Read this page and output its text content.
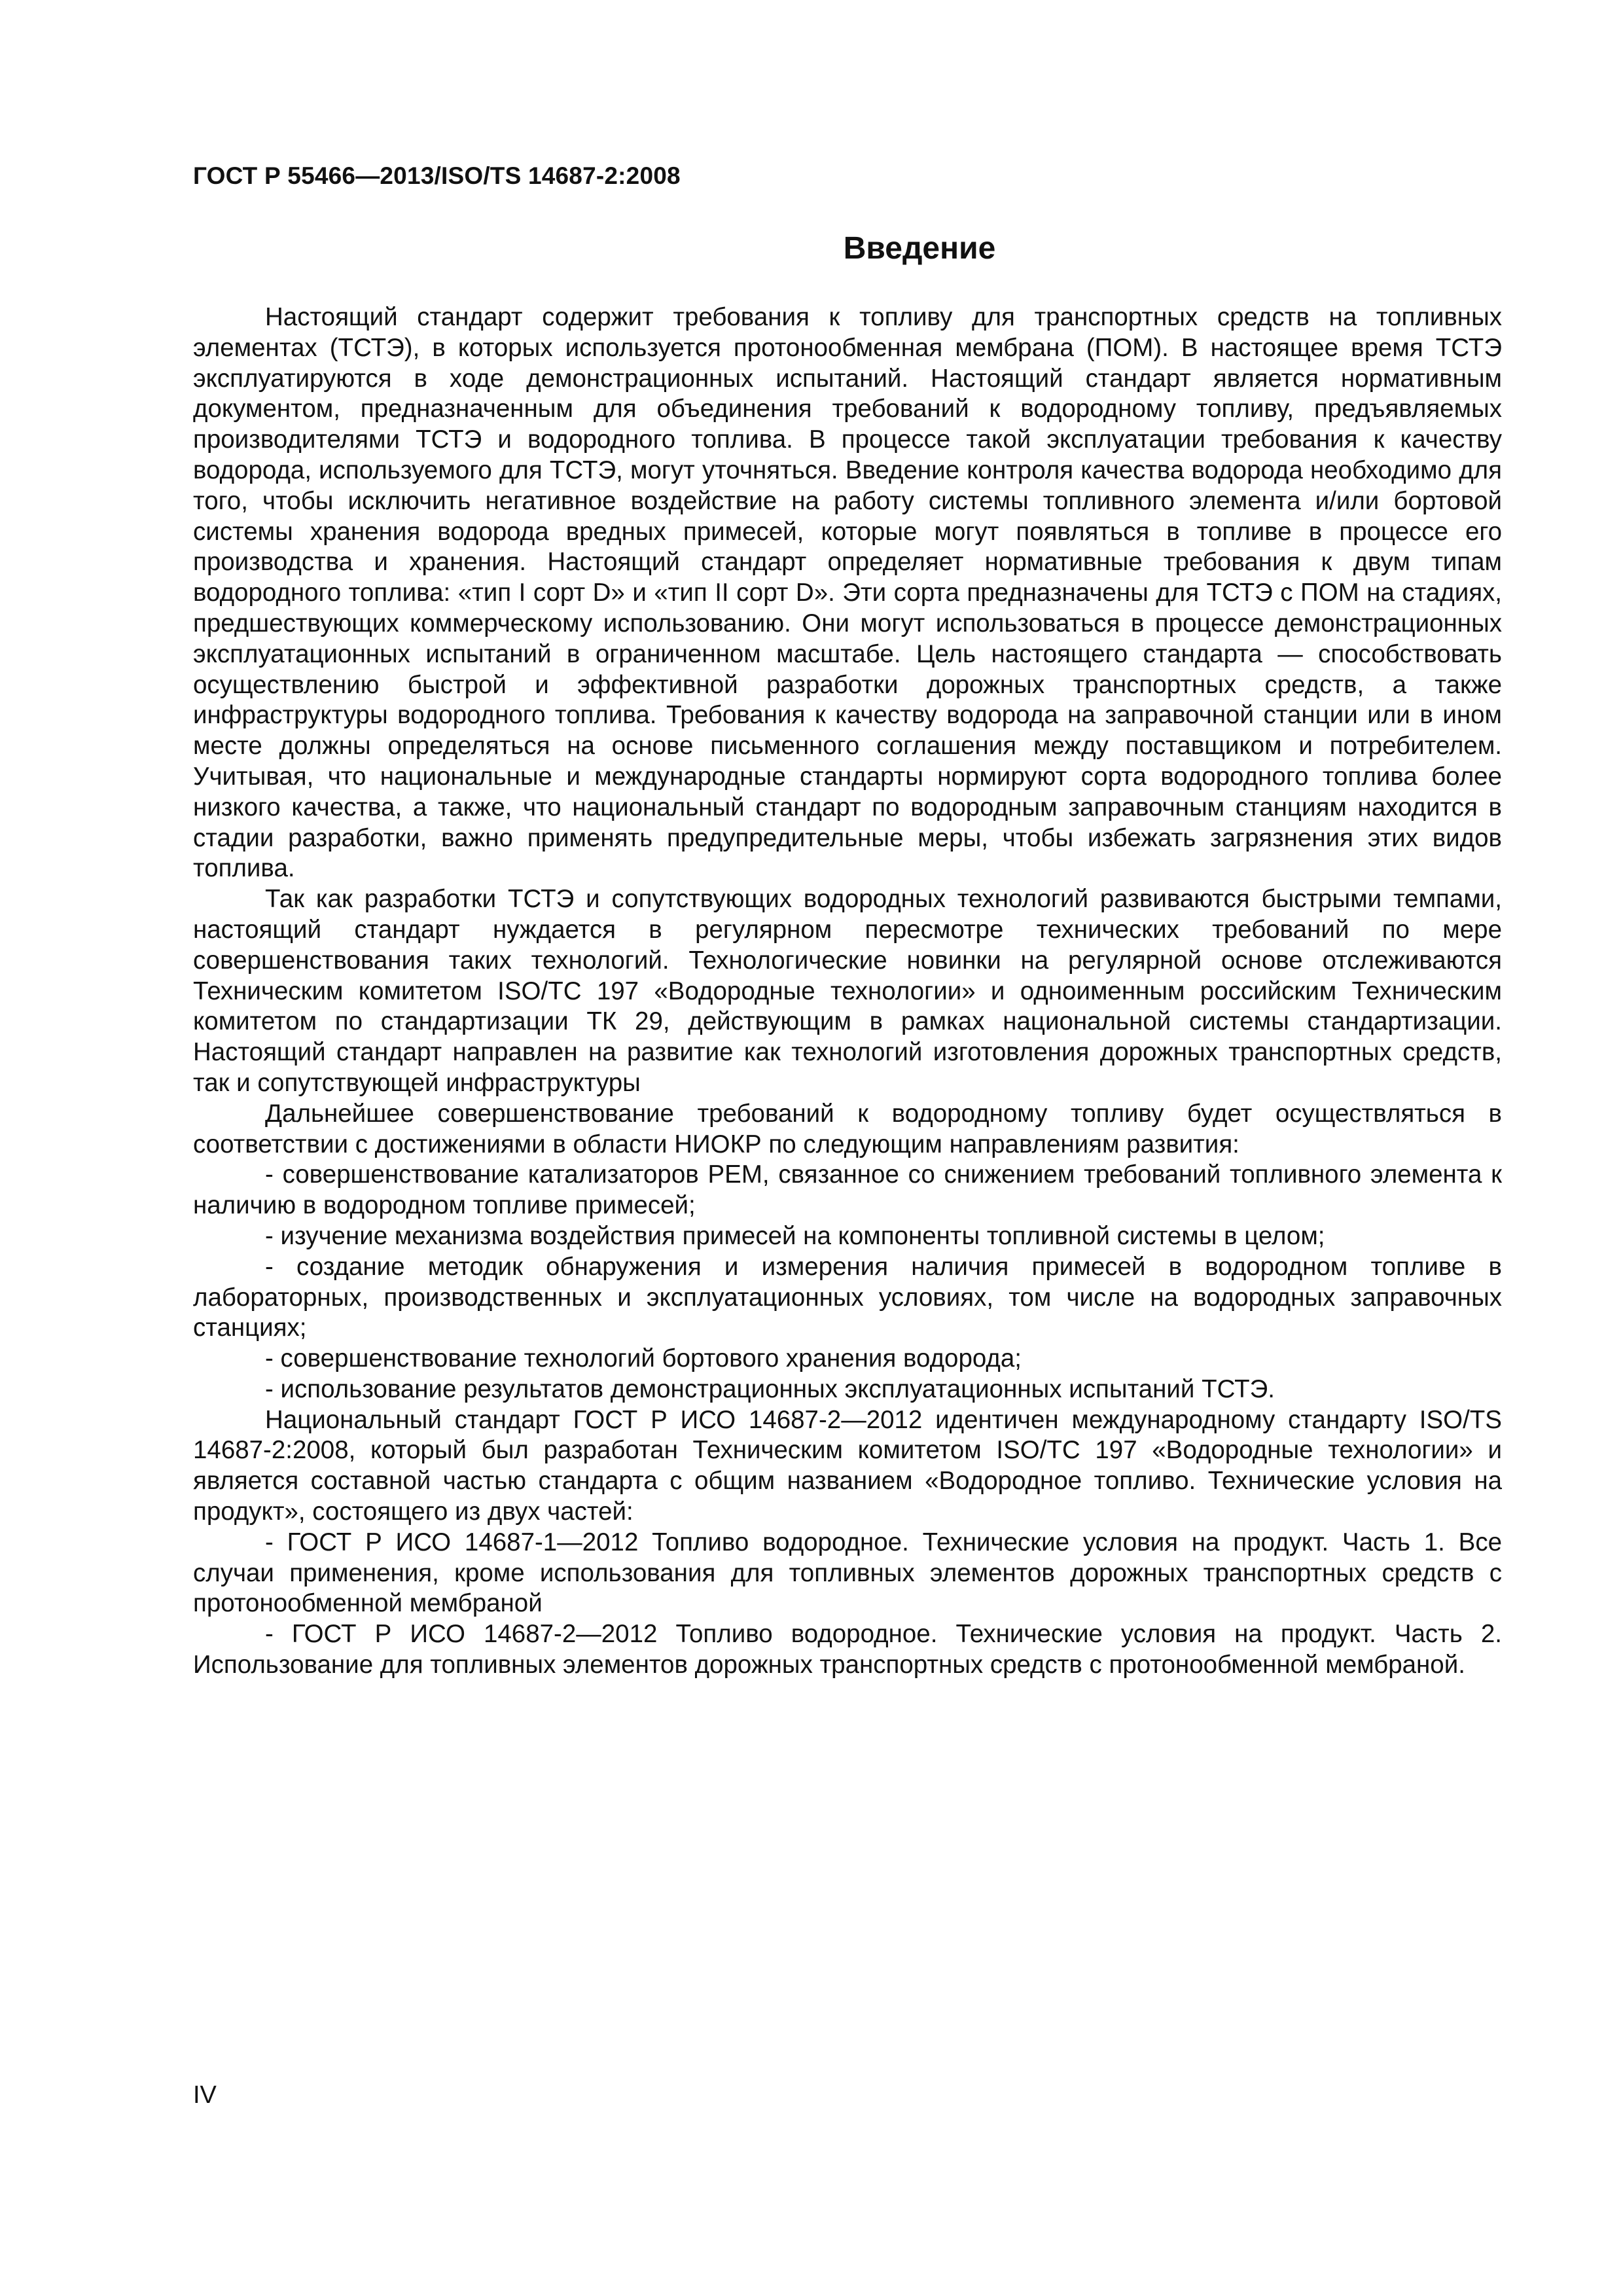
ГОСТ Р 55466—2013/ISO/TS 14687-2:2008
Введение

Настоящий стандарт содержит требования к топливу для транспортных средств на топливных элементах (ТСТЭ), в которых используется протонообменная мембрана (ПОМ). В настоящее время ТСТЭ эксплуатируются в ходе демонстрационных испытаний. Настоящий стандарт является нормативным документом, предназначенным для объединения требований к водородному топливу, предъявляемых производителями ТСТЭ и водородного топлива. В процессе такой эксплуатации требования к качеству водорода, используемого для ТСТЭ, могут уточняться. Введение контроля качества водорода необходимо для того, чтобы исключить негативное воздействие на работу системы топливного элемента и/или бортовой системы хранения водорода вредных примесей, которые могут появляться в топливе в процессе его производства и хранения. Настоящий стандарт определяет нормативные требования к двум типам водородного топлива: «тип I сорт D» и «тип II сорт D». Эти сорта предназначены для ТСТЭ с ПОМ на стадиях, предшествующих коммерческому использованию. Они могут использоваться в процессе демонстрационных эксплуатационных испытаний в ограниченном масштабе. Цель настоящего стандарта — способствовать осуществлению быстрой и эффективной разработки дорожных транспортных средств, а также инфраструктуры водородного топлива. Требования к качеству водорода на заправочной станции или в ином месте должны определяться на основе письменного соглашения между поставщиком и потребителем. Учитывая, что национальные и международные стандарты нормируют сорта водородного топлива более низкого качества, а также, что национальный стандарт по водородным заправочным станциям находится в стадии разработки, важно применять предупредительные меры, чтобы избежать загрязнения этих видов топлива.

Так как разработки ТСТЭ и сопутствующих водородных технологий развиваются быстрыми темпами, настоящий стандарт нуждается в регулярном пересмотре технических требований по мере совершенствования таких технологий. Технологические новинки на регулярной основе отслеживаются Техническим комитетом ISO/TC 197 «Водородные технологии» и одноименным российским Техническим комитетом по стандартизации ТК 29, действующим в рамках национальной системы стандартизации. Настоящий стандарт направлен на развитие как технологий изготовления дорожных транспортных средств, так и сопутствующей инфраструктуры

Дальнейшее совершенствование требований к водородному топливу будет осуществляться в соответствии с достижениями в области НИОКР по следующим направлениям развития:

- совершенствование катализаторов PEM, связанное со снижением требований топливного элемента к наличию в водородном топливе примесей;

- изучение механизма воздействия примесей на компоненты топливной системы в целом;

- создание методик обнаружения и измерения наличия примесей в водородном топливе в лабораторных, производственных и эксплуатационных условиях, том числе на водородных заправочных станциях;

- совершенствование технологий бортового хранения водорода;

- использование результатов демонстрационных эксплуатационных испытаний ТСТЭ.

Национальный стандарт ГОСТ Р ИСО 14687-2—2012 идентичен международному стандарту ISO/TS 14687-2:2008, который был разработан Техническим комитетом ISO/TC 197 «Водородные технологии» и является составной частью стандарта с общим названием «Водородное топливо. Технические условия на продукт», состоящего из двух частей:

- ГОСТ Р ИСО 14687-1—2012 Топливо водородное. Технические условия на продукт. Часть 1. Все случаи применения, кроме использования для топливных элементов дорожных транспортных средств с протонообменной мембраной

- ГОСТ Р ИСО 14687-2—2012 Топливо водородное. Технические условия на продукт. Часть 2. Использование для топливных элементов дорожных транспортных средств с протонообменной мембраной.

IV
